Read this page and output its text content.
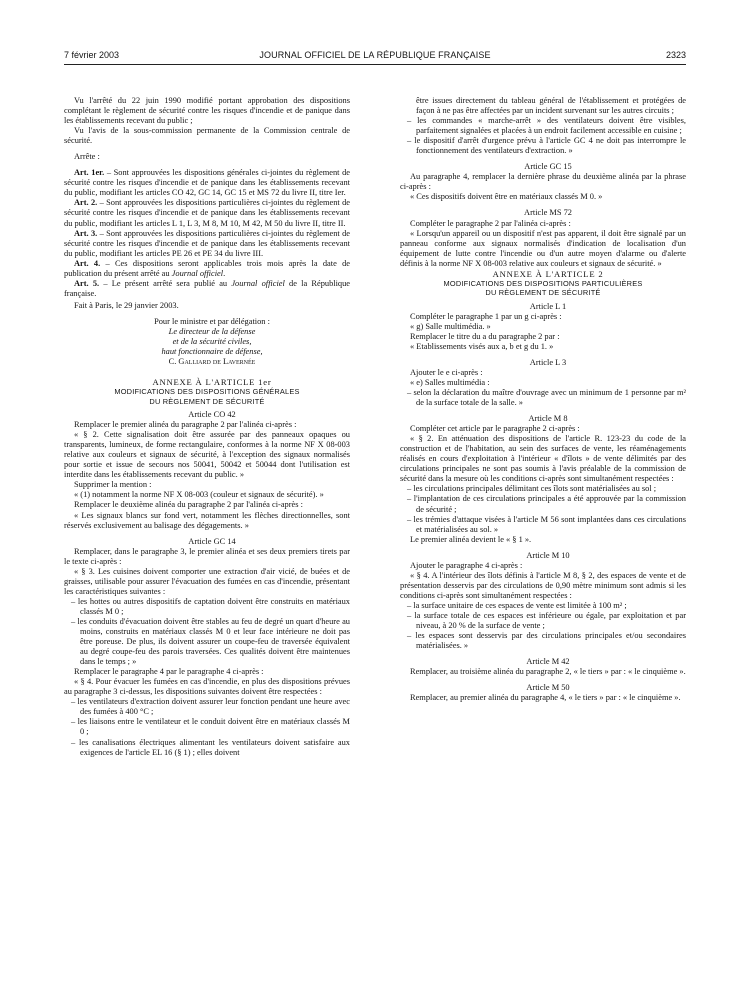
7 février 2003	JOURNAL OFFICIEL DE LA RÉPUBLIQUE FRANÇAISE	2323

Vu l'arrêté du 22 juin 1990 modifié portant approbation des dispositions complétant le règlement de sécurité contre les risques d'incendie et de panique dans les établissements recevant du public ;

Vu l'avis de la sous-commission permanente de la Commission centrale de sécurité.

Arrête :

Art. 1er. – Sont approuvées les dispositions générales ci-jointes du règlement de sécurité contre les risques d'incendie et de panique dans les établissements recevant du public, modifiant les articles CO 42, GC 14, GC 15 et MS 72 du livre II, titre Ier.

Art. 2. – Sont approuvées les dispositions particulières ci-jointes du règlement de sécurité contre les risques d'incendie et de panique dans les établissements recevant du public, modifiant les articles L 1, L 3, M 8, M 10, M 42, M 50 du livre II, titre II.

Art. 3. – Sont approuvées les dispositions particulières ci-jointes du règlement de sécurité contre les risques d'incendie et de panique dans les établissements recevant du public, modifiant les articles PE 26 et PE 34 du livre III.

Art. 4. – Ces dispositions seront applicables trois mois après la date de publication du présent arrêté au Journal officiel.

Art. 5. – Le présent arrêté sera publié au Journal officiel de la République française.

Fait à Paris, le 29 janvier 2003.

Pour le ministre et par délégation :

Le directeur de la défense

et de la sécurité civiles,

haut fonctionnaire de défense,

C. Galliard de Lavernée

ANNEXE À L'ARTICLE 1er

MODIFICATIONS DES DISPOSITIONS GÉNÉRALES
DU RÈGLEMENT DE SÉCURITÉ

Article CO 42

Remplacer le premier alinéa du paragraphe 2 par l'alinéa ci-après :

« § 2. Cette signalisation doit être assurée par des panneaux opaques ou transparents, lumineux, de forme rectangulaire, conformes à la norme NF X 08-003 relative aux couleurs et signaux de sécurité, à l'exception des signaux normalisés pour sortie et issue de secours nos 50041, 50042 et 50044 dont l'utilisation est interdite dans les établissements recevant du public. »

Supprimer la mention :

« (1) notamment la norme NF X 08-003 (couleur et signaux de sécurité). »

Remplacer le deuxième alinéa du paragraphe 2 par l'alinéa ci-après :

« Les signaux blancs sur fond vert, notamment les flèches directionnelles, sont réservés exclusivement au balisage des dégagements. »

Article GC 14

Remplacer, dans le paragraphe 3, le premier alinéa et ses deux premiers tirets par le texte ci-après :

« § 3. Les cuisines doivent comporter une extraction d'air vicié, de buées et de graisses, utilisable pour assurer l'évacuation des fumées en cas d'incendie, présentant les caractéristiques suivantes :

– les hottes ou autres dispositifs de captation doivent être construits en matériaux classés M 0 ;

– les conduits d'évacuation doivent être stables au feu de degré un quart d'heure au moins, construits en matériaux classés M 0 et leur face intérieure ne doit pas être poreuse. De plus, ils doivent assurer un coupe-feu de traversée équivalent au degré coupe-feu des parois traversées. Ces qualités doivent être maintenues dans le temps ; »

Remplacer le paragraphe 4 par le paragraphe 4 ci-après :

« § 4. Pour évacuer les fumées en cas d'incendie, en plus des dispositions prévues au paragraphe 3 ci-dessus, les dispositions suivantes doivent être respectées :

– les ventilateurs d'extraction doivent assurer leur fonction pendant une heure avec des fumées à 400 °C ;

– les liaisons entre le ventilateur et le conduit doivent être en matériaux classés M 0 ;

– les canalisations électriques alimentant les ventilateurs doivent satisfaire aux exigences de l'article EL 16 (§ 1) ; elles doivent

être issues directement du tableau général de l'établissement et protégées de façon à ne pas être affectées par un incident survenant sur les autres circuits ;

– les commandes « marche-arrêt » des ventilateurs doivent être visibles, parfaitement signalées et placées à un endroit facilement accessible en cuisine ;

– le dispositif d'arrêt d'urgence prévu à l'article GC 4 ne doit pas interrompre le fonctionnement des ventilateurs d'extraction. »

Article GC 15

Au paragraphe 4, remplacer la dernière phrase du deuxième alinéa par la phrase ci-après :

« Ces dispositifs doivent être en matériaux classés M 0. »

Article MS 72

Compléter le paragraphe 2 par l'alinéa ci-après :

« Lorsqu'un appareil ou un dispositif n'est pas apparent, il doit être signalé par un panneau conforme aux signaux normalisés d'indication de localisation d'un équipement de lutte contre l'incendie ou d'un autre moyen d'alarme ou d'alerte définis à la norme NF X 08-003 relative aux couleurs et signaux de sécurité. »

ANNEXE À L'ARTICLE 2

MODIFICATIONS DES DISPOSITIONS PARTICULIÈRES
DU RÈGLEMENT DE SÉCURITÉ

Article L 1

Compléter le paragraphe 1 par un g ci-après :

« g) Salle multimédia. »

Remplacer le titre du a du paragraphe 2 par :

« Etablissements visés aux a, b et g du 1. »

Article L 3

Ajouter le e ci-après :

« e) Salles multimédia :

– selon la déclaration du maître d'ouvrage avec un minimum de 1 personne par m² de la surface totale de la salle. »

Article M 8

Compléter cet article par le paragraphe 2 ci-après :

« § 2. En atténuation des dispositions de l'article R. 123-23 du code de la construction et de l'habitation, au sein des surfaces de vente, les réaménagements réalisés en cours d'exploitation à l'intérieur « d'îlots » de vente délimités par des circulations principales ne sont pas soumis à l'avis préalable de la commission de sécurité dans la mesure où les conditions ci-après sont simultanément respectées :

– les circulations principales délimitant ces îlots sont matérialisées au sol ;

– l'implantation de ces circulations principales a été approuvée par la commission de sécurité ;

– les trémies d'attaque visées à l'article M 56 sont implantées dans ces circulations et matérialisées au sol. »

Le premier alinéa devient le « § 1 ».

Article M 10

Ajouter le paragraphe 4 ci-après :

« § 4. A l'intérieur des îlots définis à l'article M 8, § 2, des espaces de vente et de présentation desservis par des circulations de 0,90 mètre minimum sont admis si les conditions ci-après sont simultanément respectées :

– la surface unitaire de ces espaces de vente est limitée à 100 m² ;

– la surface totale de ces espaces est inférieure ou égale, par exploitation et par niveau, à 20 % de la surface de vente ;

– les espaces sont desservis par des circulations principales et/ou secondaires matérialisées. »

Article M 42

Remplacer, au troisième alinéa du paragraphe 2, « le tiers » par : « le cinquième ».

Article M 50

Remplacer, au premier alinéa du paragraphe 4, « le tiers » par : « le cinquième ».
